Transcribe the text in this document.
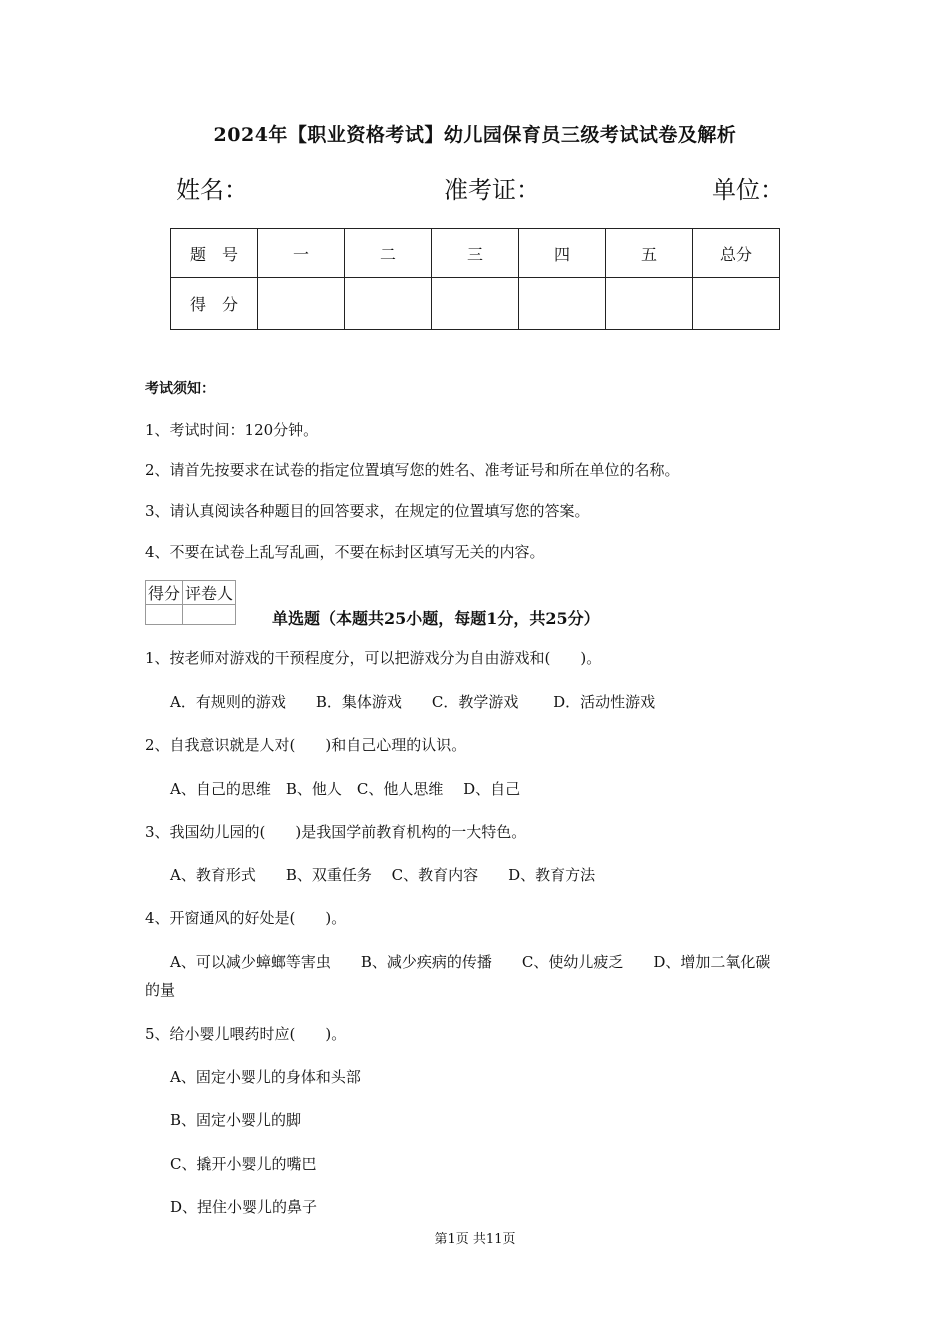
2024年【职业资格考试】幼儿园保育员三级考试试卷及解析
姓名：	准考证：	单位：
题　号	一	二	三	四	五	总分
得　分						
考试须知：
1、考试时间：120分钟。
2、请首先按要求在试卷的指定位置填写您的姓名、准考证号和所在单位的名称。
3、请认真阅读各种题目的回答要求，在规定的位置填写您的答案。
4、不要在试卷上乱写乱画，不要在标封区填写无关的内容。
得分	评卷人

单选题（本题共25小题，每题1分，共25分）
1、按老师对游戏的干预程度分，可以把游戏分为自由游戏和(　　)。
A．有规则的游戏　　B．集体游戏　　C．教学游戏　　 D．活动性游戏
2、自我意识就是人对(　　)和自己心理的认识。
A、自己的思维　B、他人　C、他人思维　 D、自己
3、我国幼儿园的(　　)是我国学前教育机构的一大特色。
A、教育形式　　B、双重任务　 C、教育内容　　D、教育方法
4、开窗通风的好处是(　　)。
A、可以减少蟑螂等害虫　　B、减少疾病的传播　　C、使幼儿疲乏　　D、增加二氧化碳
的量
5、给小婴儿喂药时应(　　)。
A、固定小婴儿的身体和头部
B、固定小婴儿的脚
C、撬开小婴儿的嘴巴
D、捏住小婴儿的鼻子
第1页 共11页
